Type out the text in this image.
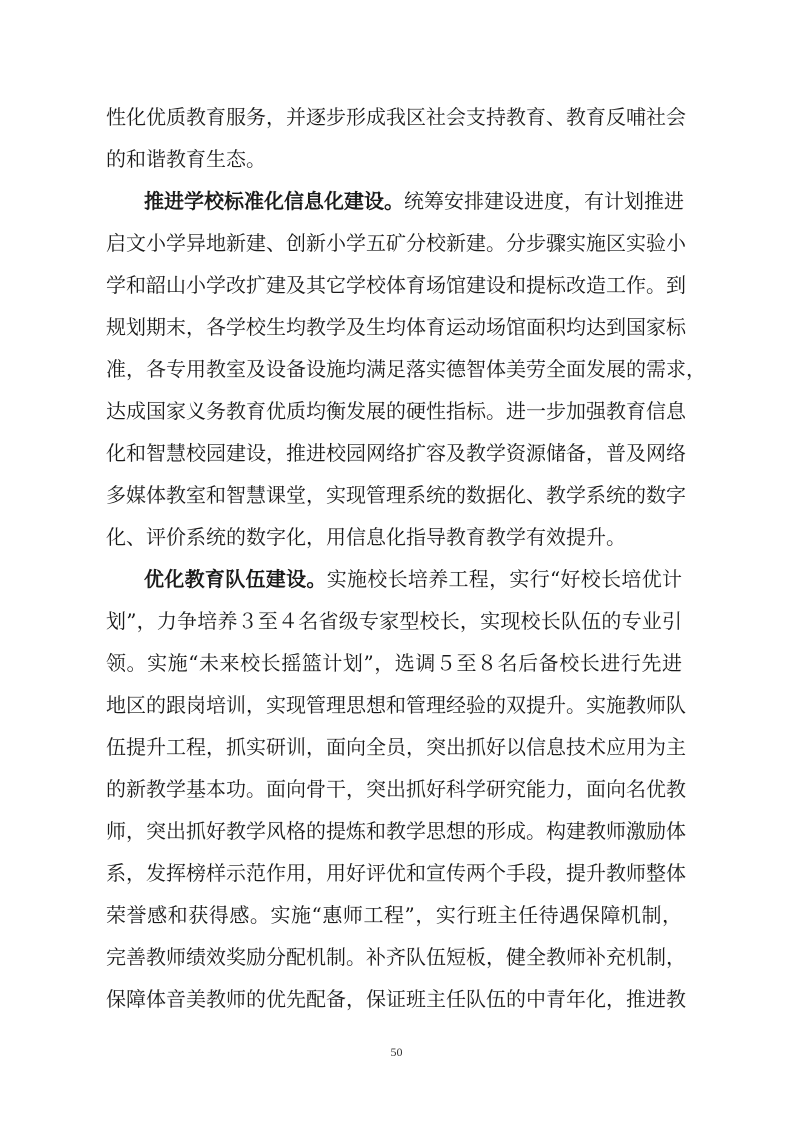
性化优质教育服务，并逐步形成我区社会支持教育、教育反哺社会
的和谐教育生态。
推进学校标准化信息化建设。统筹安排建设进度，有计划推进
启文小学异地新建、创新小学五矿分校新建。分步骤实施区实验小
学和韶山小学改扩建及其它学校体育场馆建设和提标改造工作。到
规划期末，各学校生均教学及生均体育运动场馆面积均达到国家标
准，各专用教室及设备设施均满足落实德智体美劳全面发展的需求，
达成国家义务教育优质均衡发展的硬性指标。进一步加强教育信息
化和智慧校园建设，推进校园网络扩容及教学资源储备，普及网络
多媒体教室和智慧课堂，实现管理系统的数据化、教学系统的数字
化、评价系统的数字化，用信息化指导教育教学有效提升。
优化教育队伍建设。实施校长培养工程，实行“好校长培优计
划”，力争培养３至４名省级专家型校长，实现校长队伍的专业引
领。实施“未来校长摇篮计划”，选调５至８名后备校长进行先进
地区的跟岗培训，实现管理思想和管理经验的双提升。实施教师队
伍提升工程，抓实研训，面向全员，突出抓好以信息技术应用为主
的新教学基本功。面向骨干，突出抓好科学研究能力，面向名优教
师，突出抓好教学风格的提炼和教学思想的形成。构建教师激励体
系，发挥榜样示范作用，用好评优和宣传两个手段，提升教师整体
荣誉感和获得感。实施“惠师工程”，实行班主任待遇保障机制，
完善教师绩效奖励分配机制。补齐队伍短板，健全教师补充机制，
保障体音美教师的优先配备，保证班主任队伍的中青年化，推进教
50
